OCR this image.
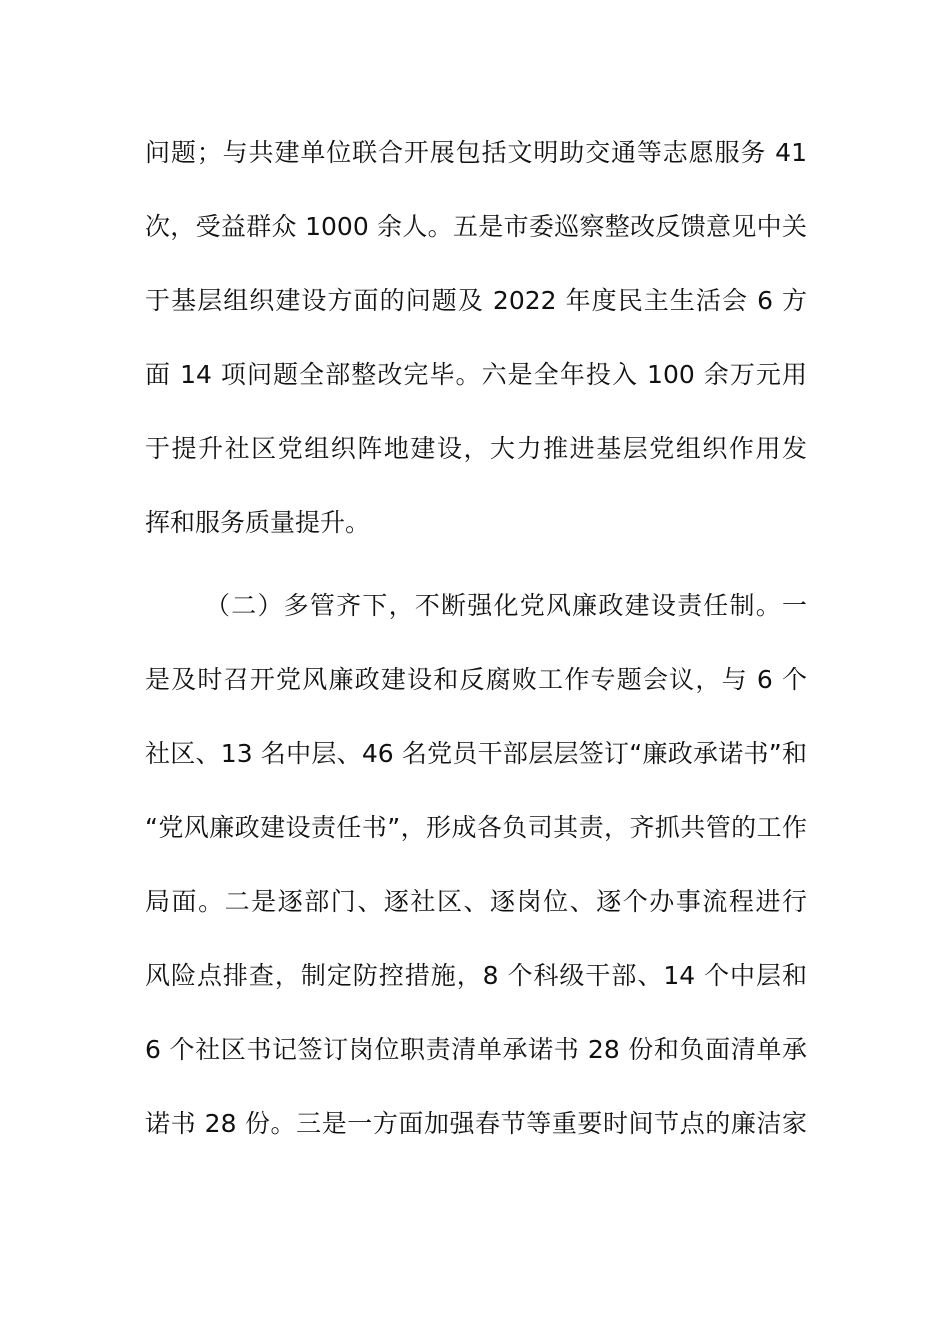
问题；与共建单位联合开展包括文明助交通等志愿服务 41
次，受益群众 1000 余人。五是市委巡察整改反馈意见中关
于基层组织建设方面的问题及 2022 年度民主生活会 6 方
面 14 项问题全部整改完毕。六是全年投入 100 余万元用
于提升社区党组织阵地建设，大力推进基层党组织作用发
挥和服务质量提升。
（二）多管齐下，不断强化党风廉政建设责任制。一
是及时召开党风廉政建设和反腐败工作专题会议，与 6 个
社区、13 名中层、46 名党员干部层层签订“廉政承诺书”和
“党风廉政建设责任书”，形成各负司其责，齐抓共管的工作
局面。二是逐部门、逐社区、逐岗位、逐个办事流程进行
风险点排查，制定防控措施，8 个科级干部、14 个中层和
6 个社区书记签订岗位职责清单承诺书 28 份和负面清单承
诺书 28 份。三是一方面加强春节等重要时间节点的廉洁家
